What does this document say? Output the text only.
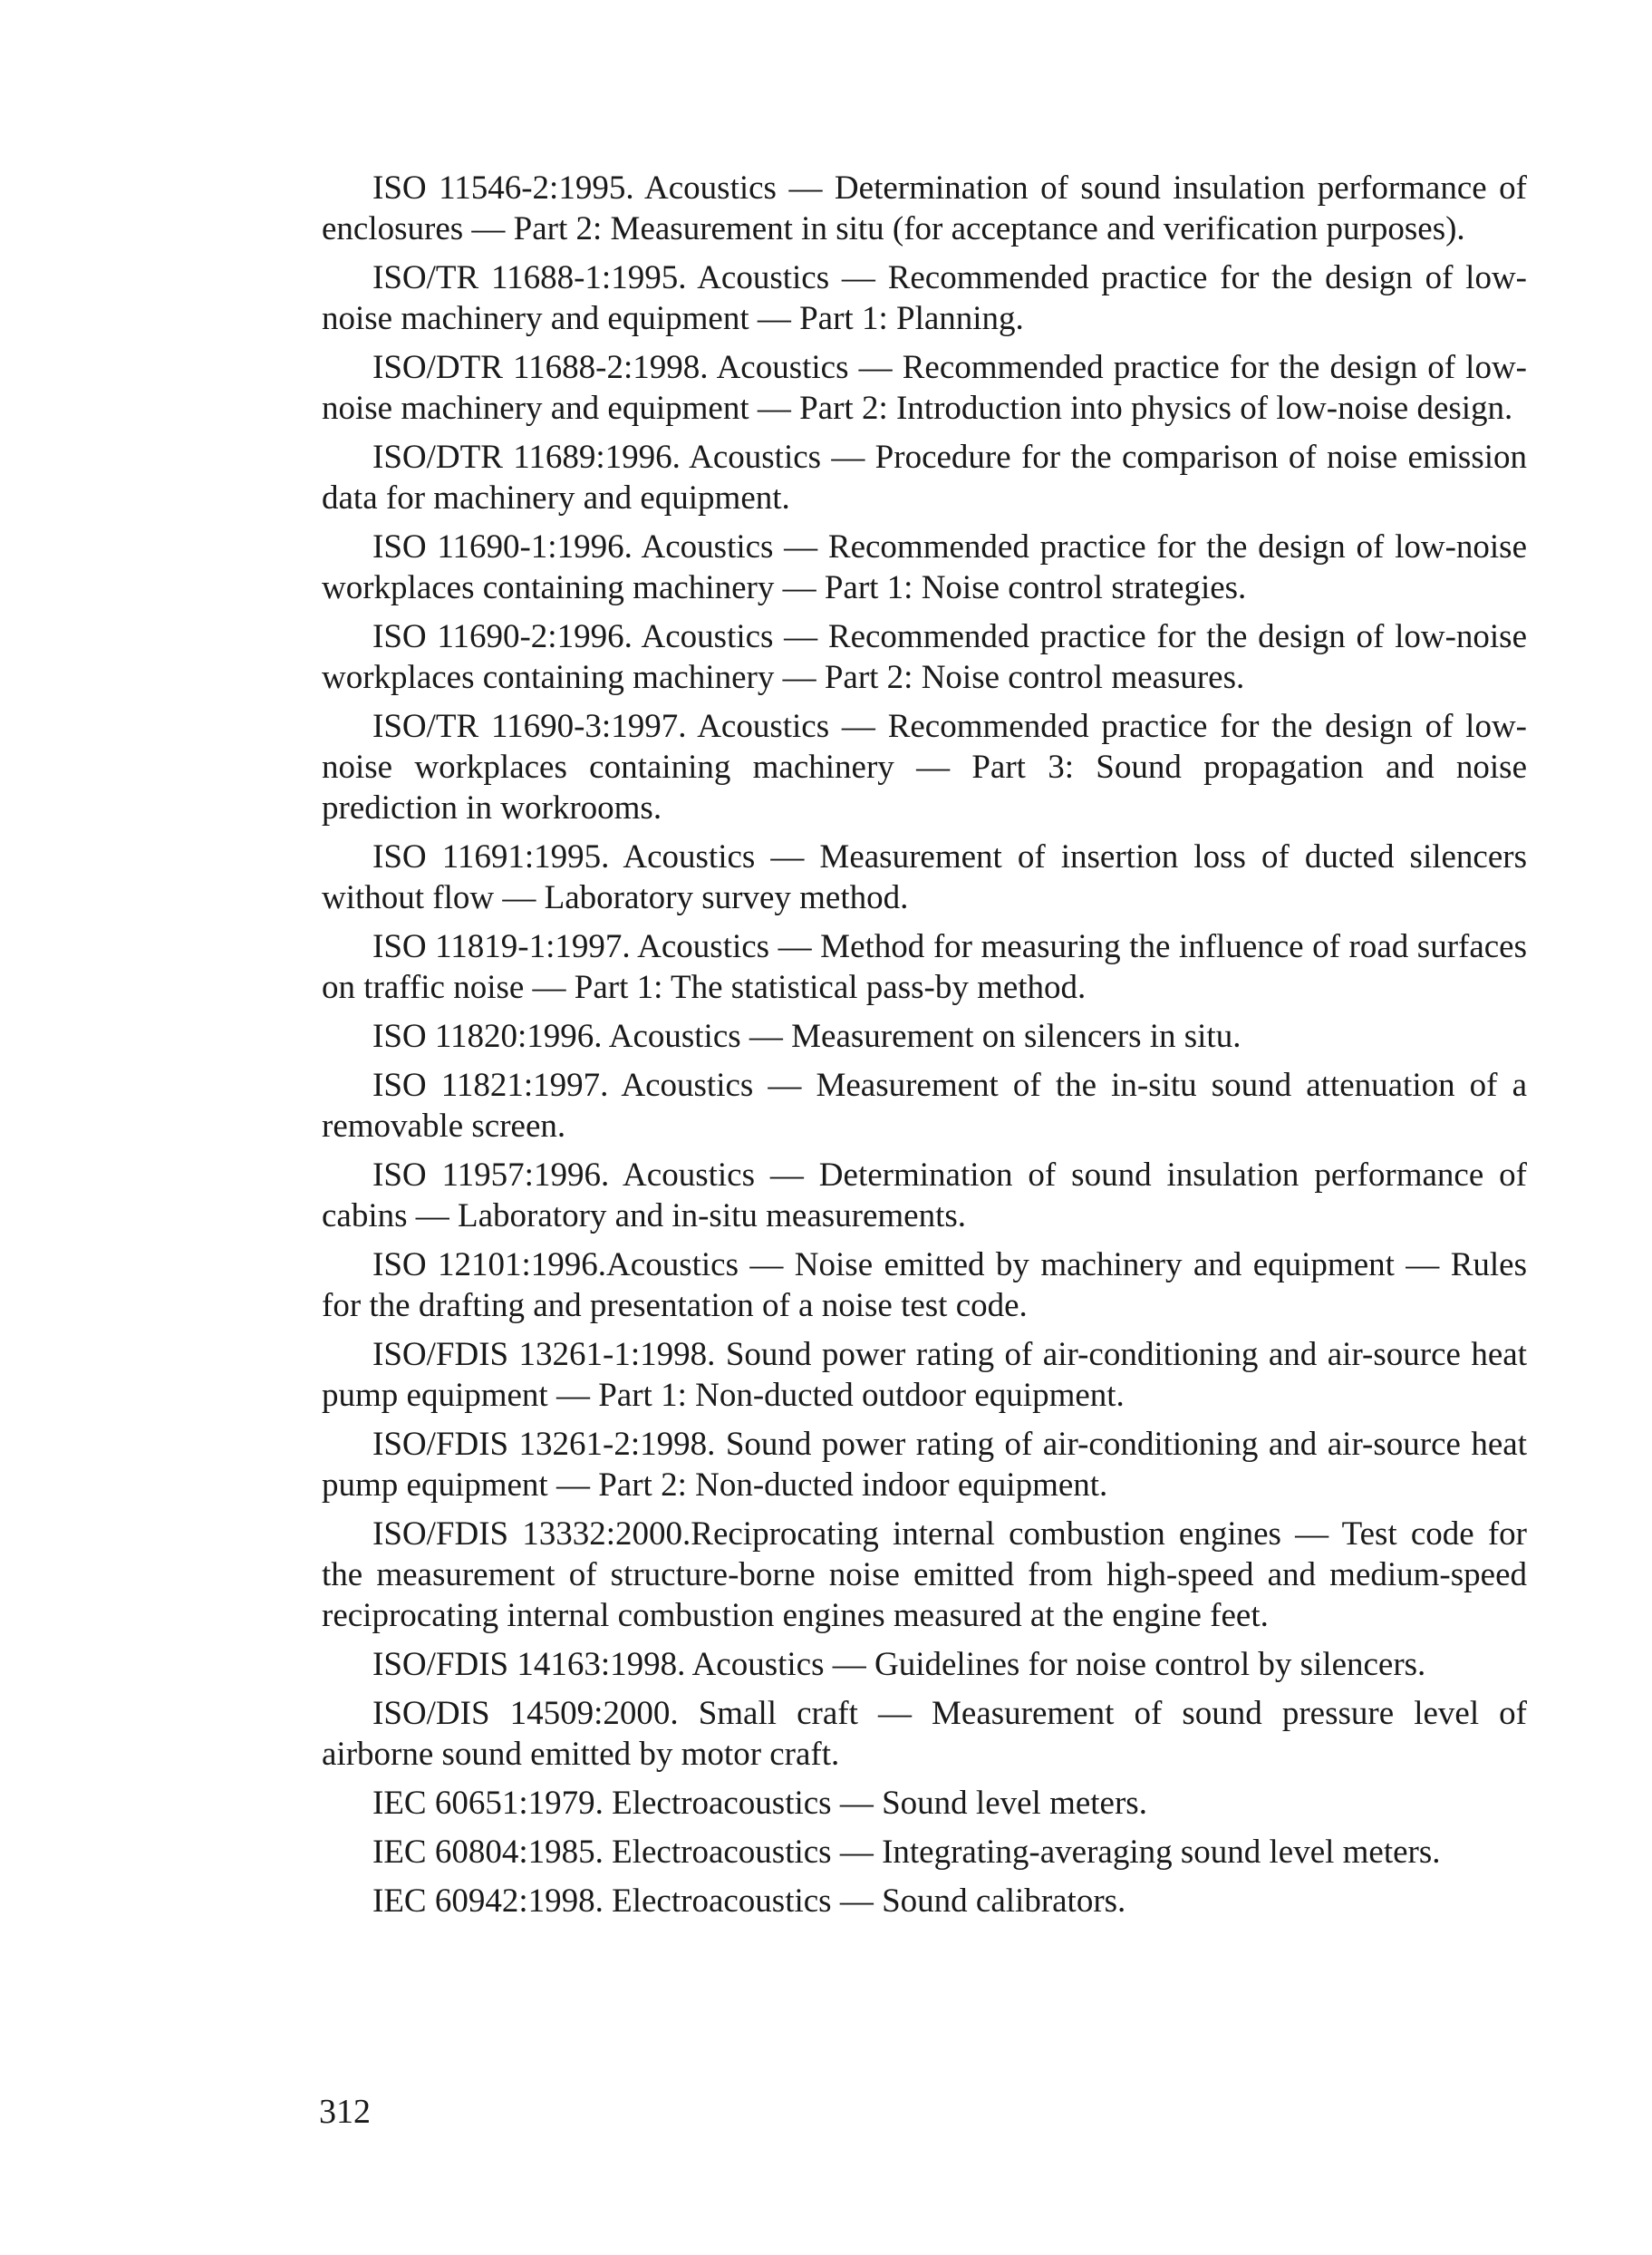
ISO 11546-2:1995. Acoustics — Determination of sound insulation performance of enclosures — Part 2: Measurement in situ (for acceptance and verification purposes).

ISO/TR 11688-1:1995. Acoustics — Recommended practice for the design of low-noise machinery and equipment — Part 1: Planning.

ISO/DTR 11688-2:1998. Acoustics — Recommended practice for the design of low-noise machinery and equipment — Part 2: Introduction into physics of low-noise design.

ISO/DTR 11689:1996. Acoustics — Procedure for the comparison of noise emission data for machinery and equipment.

ISO 11690-1:1996. Acoustics — Recommended practice for the design of low-noise workplaces containing machinery — Part 1: Noise control strategies.

ISO 11690-2:1996. Acoustics — Recommended practice for the design of low-noise workplaces containing machinery — Part 2: Noise control measures.

ISO/TR 11690-3:1997. Acoustics — Recommended practice for the design of low-noise workplaces containing machinery — Part 3: Sound propagation and noise prediction in workrooms.

ISO 11691:1995. Acoustics — Measurement of insertion loss of ducted silencers without flow — Laboratory survey method.

ISO 11819-1:1997. Acoustics — Method for measuring the influence of road surfaces on traffic noise — Part 1: The statistical pass-by method.

ISO 11820:1996. Acoustics — Measurement on silencers in situ.

ISO 11821:1997. Acoustics — Measurement of the in-situ sound attenuation of a removable screen.

ISO 11957:1996. Acoustics — Determination of sound insulation performance of cabins — Laboratory and in-situ measurements.

ISO 12101:1996.Acoustics — Noise emitted by machinery and equipment — Rules for the drafting and presentation of a noise test code.

ISO/FDIS 13261-1:1998. Sound power rating of air-conditioning and air-source heat pump equipment — Part 1: Non-ducted outdoor equipment.

ISO/FDIS 13261-2:1998. Sound power rating of air-conditioning and air-source heat pump equipment — Part 2: Non-ducted indoor equipment.

ISO/FDIS 13332:2000.Reciprocating internal combustion engines — Test code for the measurement of structure-borne noise emitted from high-speed and medium-speed reciprocating internal combustion engines measured at the engine feet.

ISO/FDIS 14163:1998. Acoustics — Guidelines for noise control by silencers.

ISO/DIS 14509:2000. Small craft — Measurement of sound pressure level of airborne sound emitted by motor craft.

IEC 60651:1979. Electroacoustics — Sound level meters.

IEC 60804:1985. Electroacoustics — Integrating-averaging sound level meters.

IEC 60942:1998. Electroacoustics — Sound calibrators.

312
